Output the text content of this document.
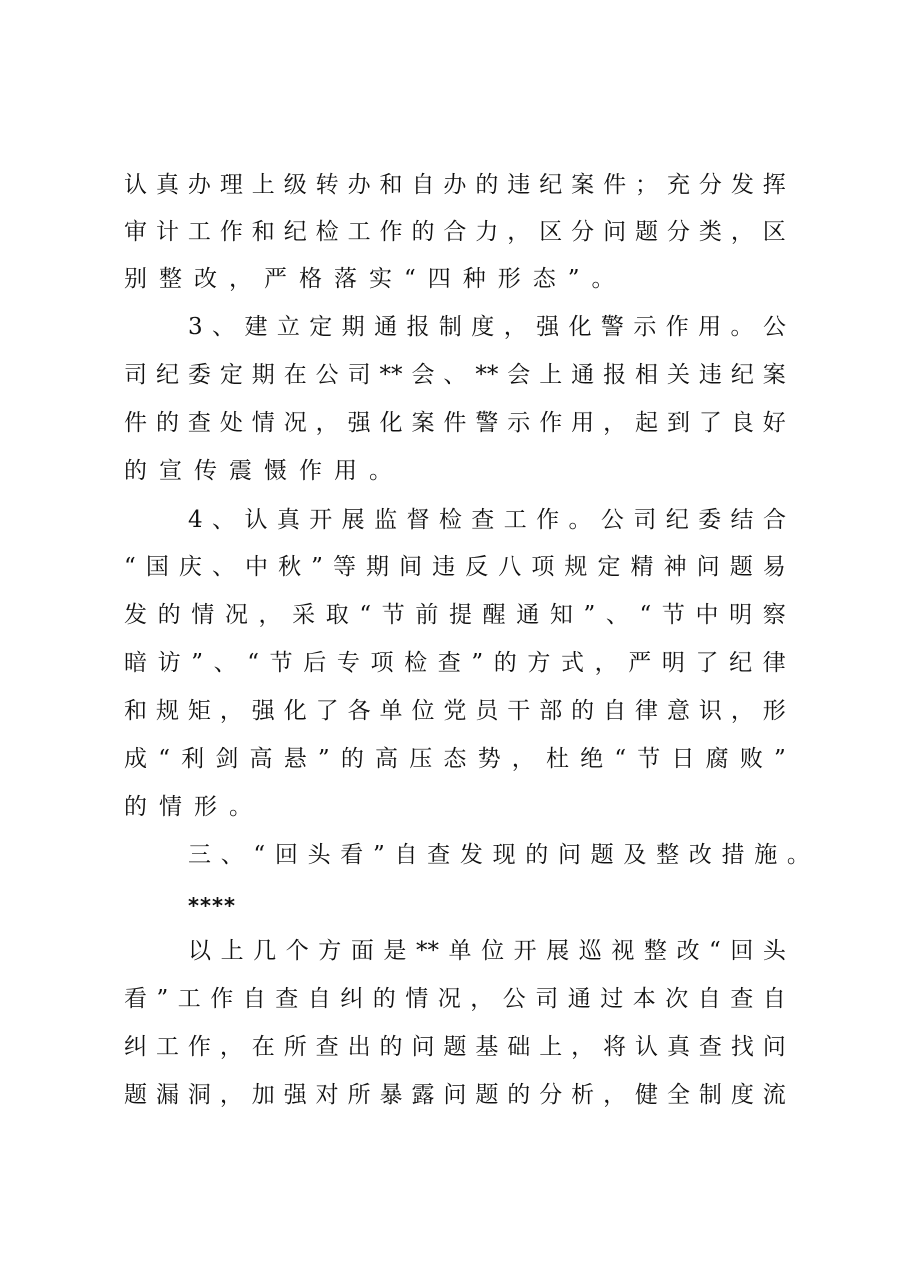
认 真 办 理 上 级 转 办 和 自 办 的 违 纪 案 件 ； 充 分 发 挥
审 计 工 作 和 纪 检 工 作 的 合 力 ， 区 分 问 题 分 类 ， 区
别整改，严格落实“四种形态”。
3 、 建 立 定 期 通 报 制 度 ， 强 化 警 示 作 用 。 公
司 纪 委 定 期 在 公 司 ** 会 、 ** 会 上 通 报 相 关 违 纪 案
件 的 查 处 情 况 ， 强 化 案 件 警 示 作 用 ， 起 到 了 良 好
的宣传震慑作用。
4 、 认 真 开 展 监 督 检 查 工 作 。 公 司 纪 委 结 合
“ 国 庆 、 中 秋 ” 等 期 间 违 反 八 项 规 定 精 神 问 题 易
发 的 情 况 ， 采 取 “ 节 前 提 醒 通 知 ” 、 “ 节 中 明 察
暗 访 ” 、 “ 节 后 专 项 检 查 ” 的 方 式 ， 严 明 了 纪 律
和 规 矩 ， 强 化 了 各 单 位 党 员 干 部 的 自 律 意 识 ， 形
成 “ 利 剑 高 悬 ” 的 高 压 态 势 ， 杜 绝 “ 节 日 腐 败 ”
的情形。
三 、 “ 回 头 看 ” 自 查 发 现 的 问 题 及 整 改 措 施 。
****
以 上 几 个 方 面 是 ** 单 位 开 展 巡 视 整 改 “ 回 头
看 ” 工 作 自 查 自 纠 的 情 况 ， 公 司 通 过 本 次 自 查 自
纠 工 作 ， 在 所 查 出 的 问 题 基 础 上 ， 将 认 真 查 找 问
题 漏 洞 ， 加 强 对 所 暴 露 问 题 的 分 析 ， 健 全 制 度 流
